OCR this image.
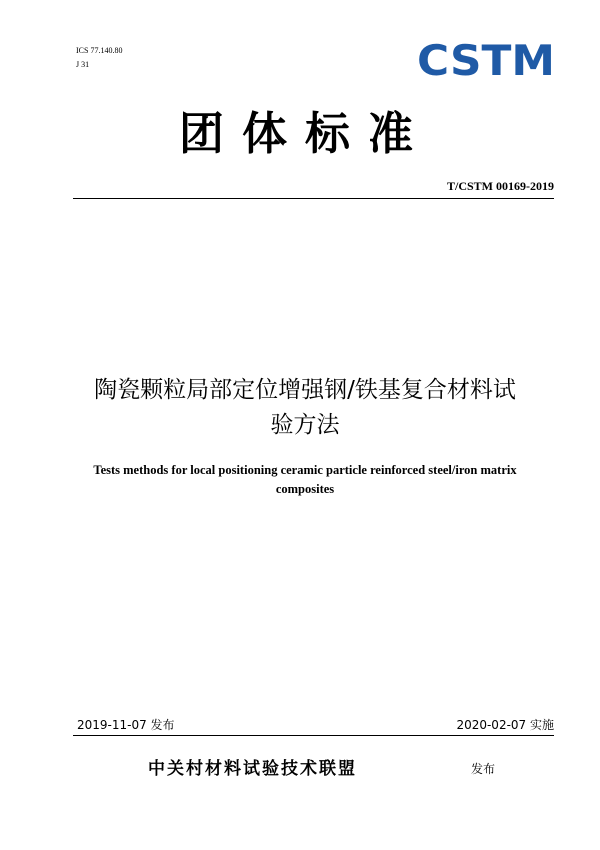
ICS 77.140.80
J 31	CSTM
团体标准
T/CSTM 00169-2019
陶瓷颗粒局部定位增强钢/铁基复合材料试
验方法
Tests methods for local positioning ceramic particle reinforced steel/iron matrix
composites
2019-11-07 发布	2020-02-07 实施
中关村材料试验技术联盟	发布
